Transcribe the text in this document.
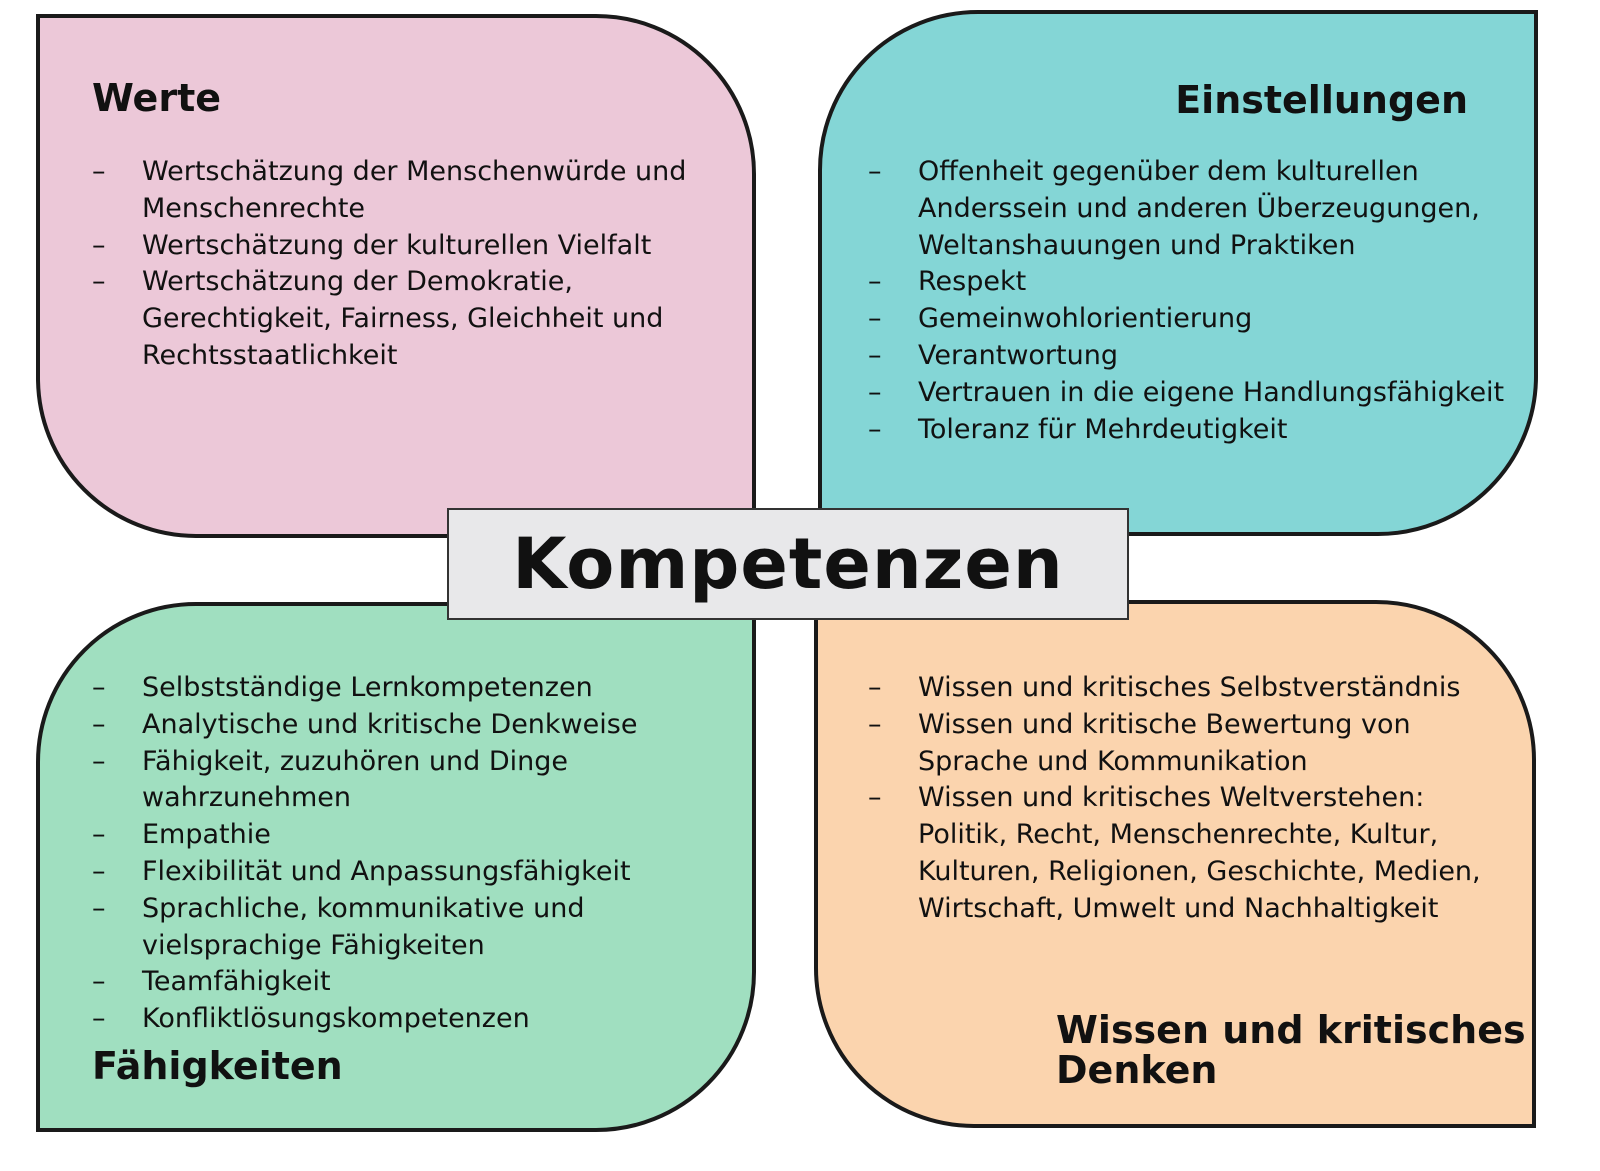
Werte
–	Wertschätzung der Menschenwürde und Menschenrechte
–	Wertschätzung der kulturellen Vielfalt
–	Wertschätzung der Demokratie, Gerechtigkeit, Fairness, Gleichheit und Rechtsstaatlichkeit
Einstellungen
–	Offenheit gegenüber dem kulturellen Anderssein und anderen Überzeugungen, Weltanshauungen und Praktiken
–	Respekt
–	Gemeinwohlorientierung
–	Verantwortung
–	Vertrauen in die eigene Handlungsfähigkeit
–	Toleranz für Mehrdeutigkeit
–	Selbstständige Lernkompetenzen
–	Analytische und kritische Denkweise
–	Fähigkeit, zuzuhören und Dinge wahrzunehmen
–	Empathie
–	Flexibilität und Anpassungsfähigkeit
–	Sprachliche, kommunikative und vielsprachige Fähigkeiten
–	Teamfähigkeit
–	Konfliktlösungskompetenzen
Fähigkeiten
–	Wissen und kritisches Selbstverständnis
–	Wissen und kritische Bewertung von Sprache und Kommunikation
–	Wissen und kritisches Weltverstehen: Politik, Recht, Menschenrechte, Kultur, Kulturen, Religionen, Geschichte, Medien, Wirtschaft, Umwelt und Nachhaltigkeit
Wissen und kritisches
Denken
Kompetenzen
